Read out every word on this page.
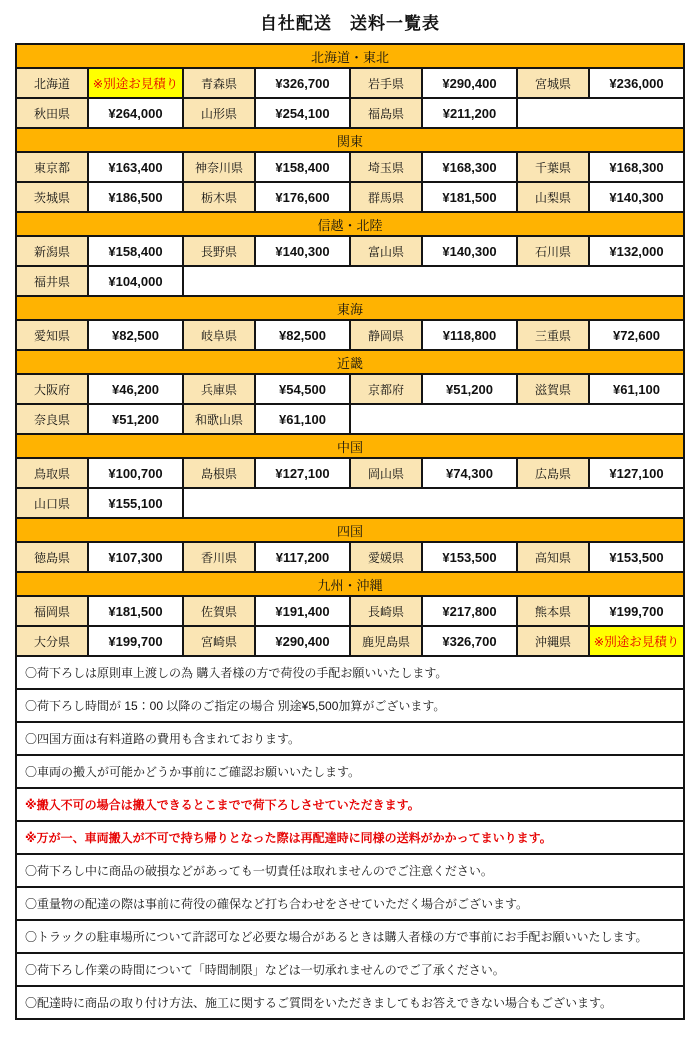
自社配送　送料一覧表
北海道・東北							
北海道	※別途お見積り	青森県	¥326,700	岩手県	¥290,400	宮城県	¥236,000
秋田県	¥264,000	山形県	¥254,100	福島県	¥211,200		
関東							
東京都	¥163,400	神奈川県	¥158,400	埼玉県	¥168,300	千葉県	¥168,300
茨城県	¥186,500	栃木県	¥176,600	群馬県	¥181,500	山梨県	¥140,300
信越・北陸							
新潟県	¥158,400	長野県	¥140,300	富山県	¥140,300	石川県	¥132,000
福井県	¥104,000						
東海							
愛知県	¥82,500	岐阜県	¥82,500	静岡県	¥118,800	三重県	¥72,600
近畿							
大阪府	¥46,200	兵庫県	¥54,500	京都府	¥51,200	滋賀県	¥61,100
奈良県	¥51,200	和歌山県	¥61,100				
中国							
鳥取県	¥100,700	島根県	¥127,100	岡山県	¥74,300	広島県	¥127,100
山口県	¥155,100						
四国							
徳島県	¥107,300	香川県	¥117,200	愛媛県	¥153,500	高知県	¥153,500
九州・沖縄							
福岡県	¥181,500	佐賀県	¥191,400	長崎県	¥217,800	熊本県	¥199,700
大分県	¥199,700	宮崎県	¥290,400	鹿児島県	¥326,700	沖縄県	※別途お見積り
〇荷下ろしは原則車上渡しの為 購入者様の方で荷役の手配お願いいたします。							
〇荷下ろし時間が 15：00 以降のご指定の場合 別途¥5,500加算がございます。							
〇四国方面は有料道路の費用も含まれております。							
〇車両の搬入が可能かどうか事前にご確認お願いいたします。							
※搬入不可の場合は搬入できるとこまでで荷下ろしさせていただきます。							
※万が一、車両搬入が不可で持ち帰りとなった際は再配達時に同様の送料がかかってまいります。							
〇荷下ろし中に商品の破損などがあっても一切責任は取れませんのでご注意ください。							
〇重量物の配達の際は事前に荷役の確保など打ち合わせをさせていただく場合がございます。							
〇トラックの駐車場所について許認可など必要な場合があるときは購入者様の方で事前にお手配お願いいたします。							
〇荷下ろし作業の時間について「時間制限」などは一切承れませんのでご了承ください。							
〇配達時に商品の取り付け方法、施工に関するご質問をいただきましてもお答えできない場合もございます。							
